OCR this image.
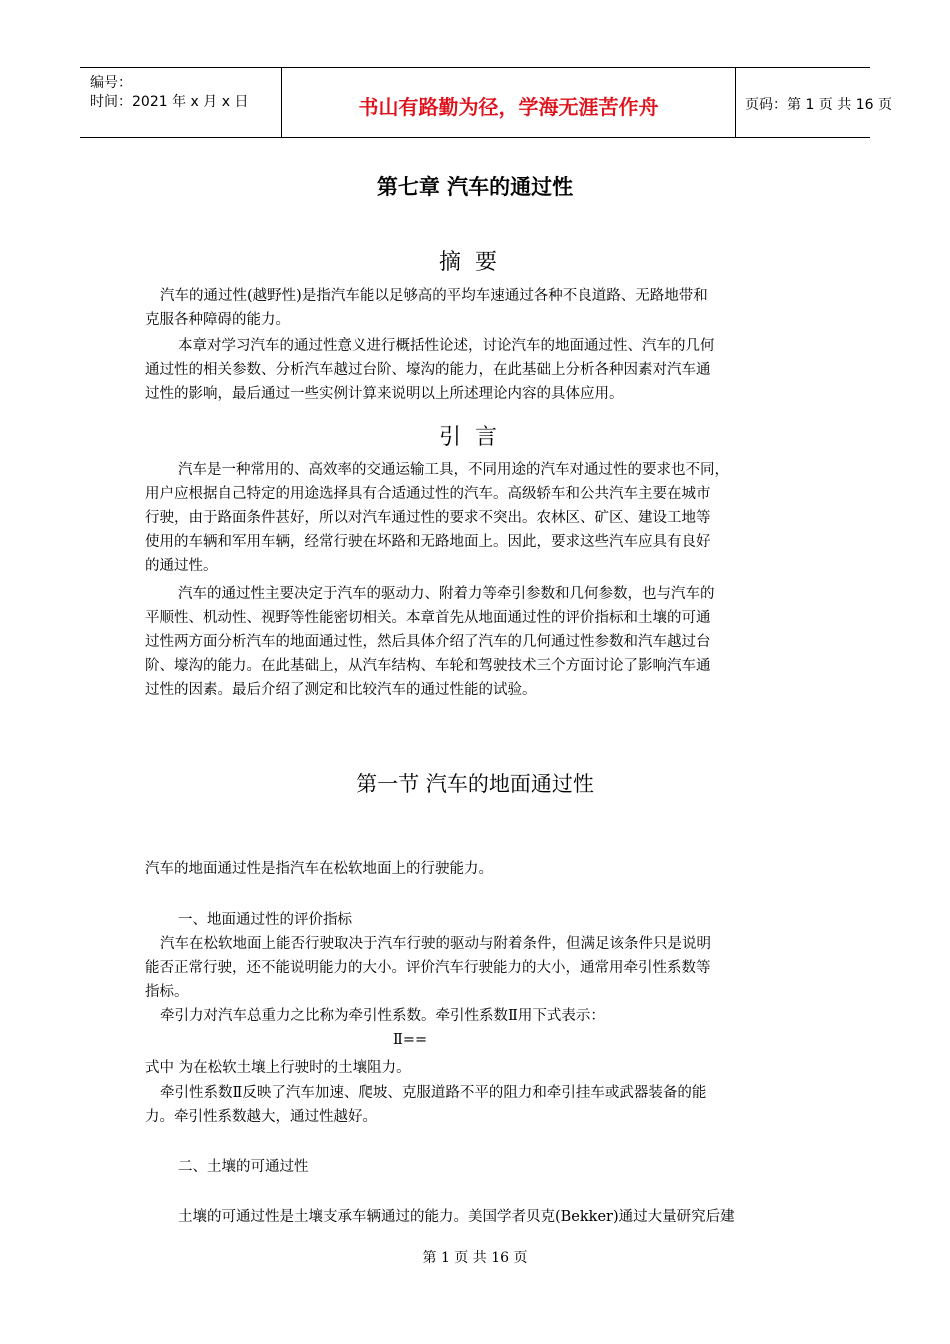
编号：
时间：2021 年 x 月 x 日	书山有路勤为径，学海无涯苦作舟	页码：第 1 页 共 16 页
第七章 汽车的通过性
摘要
汽车的通过性(越野性)是指汽车能以足够高的平均车速通过各种不良道路、无路地带和
克服各种障碍的能力。
本章对学习汽车的通过性意义进行概括性论述，讨论汽车的地面通过性、汽车的几何
通过性的相关参数、分析汽车越过台阶、壕沟的能力，在此基础上分析各种因素对汽车通
过性的影响，最后通过一些实例计算来说明以上所述理论内容的具体应用。
引言
汽车是一种常用的、高效率的交通运输工具，不同用途的汽车对通过性的要求也不同，
用户应根据自己特定的用途选择具有合适通过性的汽车。高级轿车和公共汽车主要在城市
行驶，由于路面条件甚好，所以对汽车通过性的要求不突出。农林区、矿区、建设工地等
使用的车辆和军用车辆，经常行驶在坏路和无路地面上。因此，要求这些汽车应具有良好
的通过性。
汽车的通过性主要决定于汽车的驱动力、附着力等牵引参数和几何参数，也与汽车的
平顺性、机动性、视野等性能密切相关。本章首先从地面通过性的评价指标和土壤的可通
过性两方面分析汽车的地面通过性，然后具体介绍了汽车的几何通过性参数和汽车越过台
阶、壕沟的能力。在此基础上，从汽车结构、车轮和驾驶技术三个方面讨论了影响汽车通
过性的因素。最后介绍了测定和比较汽车的通过性能的试验。
第一节 汽车的地面通过性
汽车的地面通过性是指汽车在松软地面上的行驶能力。
一、地面通过性的评价指标
汽车在松软地面上能否行驶取决于汽车行驶的驱动与附着条件，但满足该条件只是说明
能否正常行驶，还不能说明能力的大小。评价汽车行驶能力的大小，通常用牵引性系数等
指标。
牵引力对汽车总重力之比称为牵引性系数。牵引性系数Ⅱ用下式表示：
Ⅱ==
式中 为在松软土壤上行驶时的土壤阻力。
牵引性系数Ⅱ反映了汽车加速、爬坡、克服道路不平的阻力和牵引挂车或武器装备的能
力。牵引性系数越大，通过性越好。
二、土壤的可通过性
土壤的可通过性是土壤支承车辆通过的能力。美国学者贝克(Bekker)通过大量研究后建
第 1 页 共 16 页
